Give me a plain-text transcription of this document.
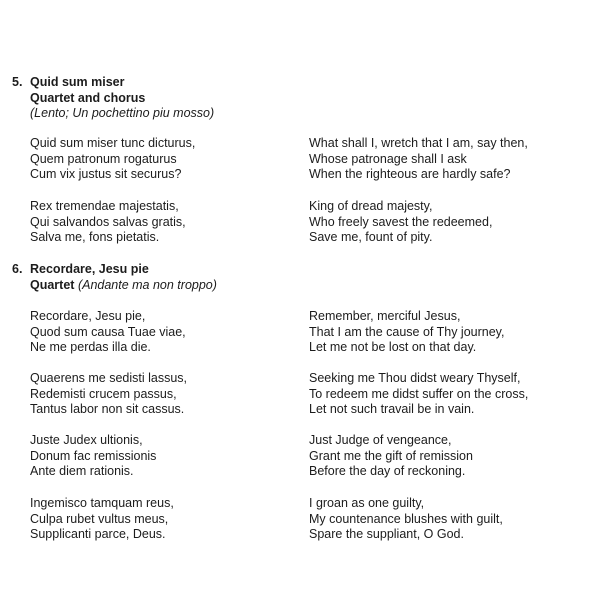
5. Quid sum miser
Quartet and chorus
(Lento; Un pochettino piu mosso)
Quid sum miser tunc dicturus,
Quem patronum rogaturus
Cum vix justus sit securus?
What shall I, wretch that I am, say then,
Whose patronage shall I ask
When the righteous are hardly safe?
Rex tremendae majestatis,
Qui salvandos salvas gratis,
Salva me, fons pietatis.
King of dread majesty,
Who freely savest the redeemed,
Save me, fount of pity.
6. Recordare, Jesu pie
Quartet (Andante ma non troppo)
Recordare, Jesu pie,
Quod sum causa Tuae viae,
Ne me perdas illa die.
Remember, merciful Jesus,
That I am the cause of Thy journey,
Let me not be lost on that day.
Quaerens me sedisti lassus,
Redemisti crucem passus,
Tantus labor non sit cassus.
Seeking me Thou didst weary Thyself,
To redeem me didst suffer on the cross,
Let not such travail be in vain.
Juste Judex ultionis,
Donum fac remissionis
Ante diem rationis.
Just Judge of vengeance,
Grant me the gift of remission
Before the day of reckoning.
Ingemisco tamquam reus,
Culpa rubet vultus meus,
Supplicanti parce, Deus.
I groan as one guilty,
My countenance blushes with guilt,
Spare the suppliant, O God.
